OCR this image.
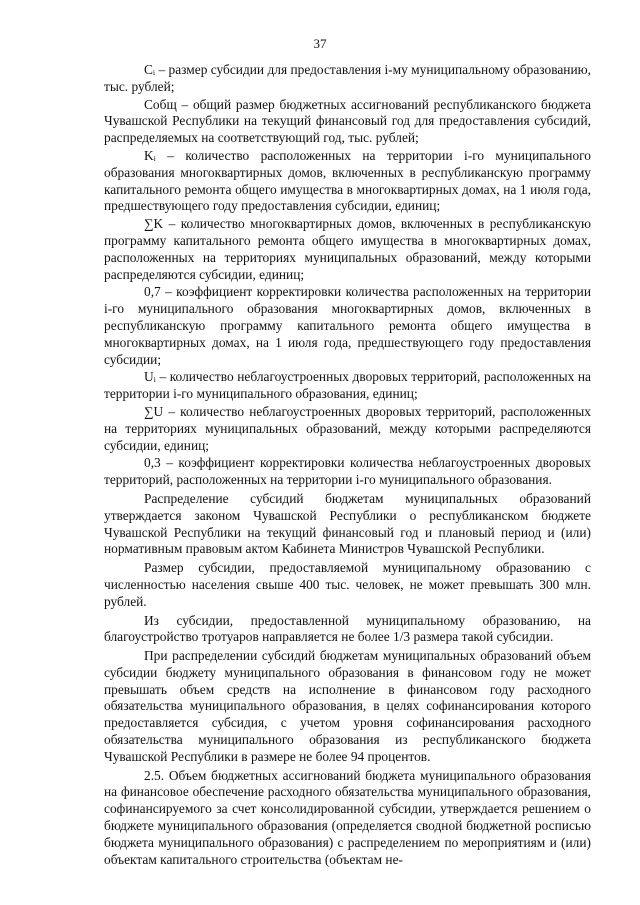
37

Cᵢ – размер субсидии для предоставления i-му муниципальному образованию, тыс. рублей;

Cобщ – общий размер бюджетных ассигнований республиканского бюджета Чувашской Республики на текущий финансовый год для предоставления субсидий, распределяемых на соответствующий год, тыс. рублей;

Kᵢ – количество расположенных на территории i-го муниципального образования многоквартирных домов, включенных в республиканскую программу капитального ремонта общего имущества в многоквартирных домах, на 1 июля года, предшествующего году предоставления субсидии, единиц;

∑K – количество многоквартирных домов, включенных в республиканскую программу капитального ремонта общего имущества в многоквартирных домах, расположенных на территориях муниципальных образований, между которыми распределяются субсидии, единиц;

0,7 – коэффициент корректировки количества расположенных на территории i-го муниципального образования многоквартирных домов, включенных в республиканскую программу капитального ремонта общего имущества в многоквартирных домах, на 1 июля года, предшествующего году предоставления субсидии;

Uᵢ – количество неблагоустроенных дворовых территорий, расположенных на территории i-го муниципального образования, единиц;

∑U – количество неблагоустроенных дворовых территорий, расположенных на территориях муниципальных образований, между которыми распределяются субсидии, единиц;

0,3 – коэффициент корректировки количества неблагоустроенных дворовых территорий, расположенных на территории i-го муниципального образования.

Распределение субсидий бюджетам муниципальных образований утверждается законом Чувашской Республики о республиканском бюджете Чувашской Республики на текущий финансовый год и плановый период и (или) нормативным правовым актом Кабинета Министров Чувашской Республики.

Размер субсидии, предоставляемой муниципальному образованию с численностью населения свыше 400 тыс. человек, не может превышать 300 млн. рублей.

Из субсидии, предоставленной муниципальному образованию, на благоустройство тротуаров направляется не более 1/3 размера такой субсидии.

При распределении субсидий бюджетам муниципальных образований объем субсидии бюджету муниципального образования в финансовом году не может превышать объем средств на исполнение в финансовом году расходного обязательства муниципального образования, в целях софинансирования которого предоставляется субсидия, с учетом уровня софинансирования расходного обязательства муниципального образования из республиканского бюджета Чувашской Республики в размере не более 94 процентов.

2.5. Объем бюджетных ассигнований бюджета муниципального образования на финансовое обеспечение расходного обязательства муниципального образования, софинансируемого за счет консолидированной субсидии, утверждается решением о бюджете муниципального образования (определяется сводной бюджетной росписью бюджета муниципального образования) с распределением по мероприятиям и (или) объектам капитального строительства (объектам не-
